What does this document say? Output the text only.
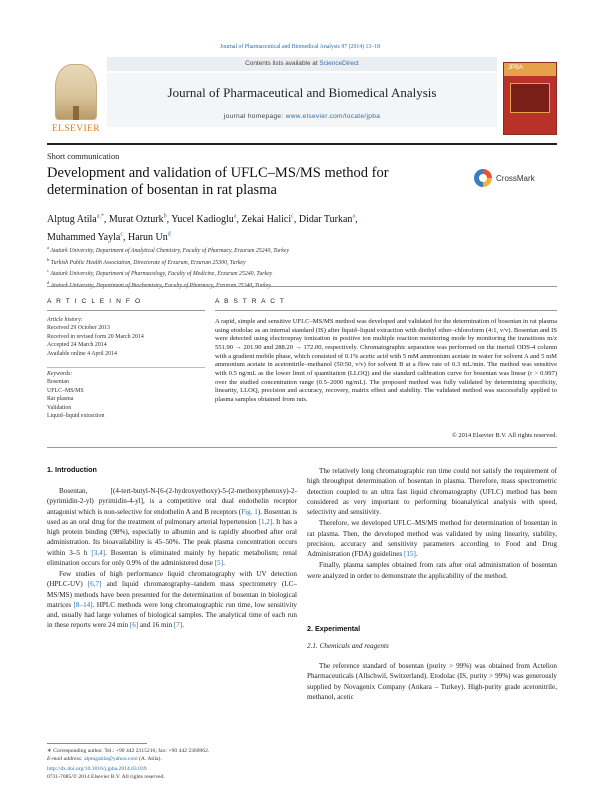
Journal of Pharmaceutical and Biomedical Analysis 97 (2014) 13–18
ELSEVIER
Contents lists available at ScienceDirect
Journal of Pharmaceutical and Biomedical Analysis
journal homepage: www.elsevier.com/locate/jpba
JPBA
Short communication
Development and validation of UFLC–MS/MS method for determination of bosentan in rat plasma
CrossMark
Alptug Atila$^{a,*}$, Murat Ozturk$^b$, Yucel Kadioglu$^a$, Zekai Halici$^c$, Didar Turkan$^a$,
Muhammed Yayla$^c$, Harun Un$^d$
$^a$ Ataturk University, Department of Analytical Chemistry, Faculty of Pharmacy, Erzurum 25240, Turkey
$^b$ Turkish Public Health Association, Directorate of Erzurum, Erzurum 25300, Turkey
$^c$ Ataturk University, Department of Pharmacology, Faculty of Medicine, Erzurum 25240, Turkey
$^d$
A R T I C L E I N F O	A B S T R A C T
Article history:
Received 29 October 2013
Received in revised form 20 March 2014
Accepted 24 March 2014
Available online 4 April 2014
Keywords:
Bosentan
UFLC–MS/MS
Rat plasma
Validation
Liquid–liquid extraction
A rapid, simple and sensitive UFLC–MS/MS method was developed and validated for the determination of bosentan in rat plasma using etodolac as an internal standard (IS) after liquid–liquid extraction with diethyl ether–chloroform (4:1, v/v). Bosentan and IS were detected using electrospray ionization in positive ion multiple reaction monitoring mode by monitoring the transitions m/z 551.90 → 201.90 and 288.20 → 172.00, respectively. Chromatographic separation was performed on the inertsil ODS-4 column with a gradient mobile phase, which consisted of 0.1% acetic acid with 5 mM ammonium acetate in water for solvent A and 5 mM ammonium acetate in acetonitrile–methanol (50:50, v/v) for solvent B at a flow rate of 0.3 mL/min. The method was sensitive with 0.5 ng/mL as the lower limit of quantitation (LLOQ) and the standard calibration curve for bosentan was linear (r > 0.997) over the studied concentration range (0.5–2000 ng/mL). The proposed method was fully validated by determining specificity, linearity, LLOQ, precision and accuracy, recovery, matrix effect and stability. The validated method was successfully applied to plasma samples obtained from rats.
© 2014 Elsevier B.V. All rights reserved.
1. Introduction

Bosentan, [(4-tert-butyl-N-[6-(2-hydroxyethoxy)-5-(2-methoxyphenoxy)-2-(pyrimidin-2-yl) pyrimidin-4-yl], is a competitive oral dual endothelin receptor antagonist which is non-selective for endothelin A and B receptors (Fig. 1). Bosentan is used as an oral drug for the treatment of pulmonary arterial hypertension [1,2]. It has a high protein binding (98%), especially to albumin and is rapidly absorbed after oral administration. Its bioavailability is 45–50%. The peak plasma concentration occurs within 3–5 h [3,4]. Bosentan is eliminated mainly by hepatic metabolism; renal elimination occurs for only 0.9% of the administered dose [5].

Few studies of high performance liquid chromatography with UV detection (HPLC-UV) [6,7] and liquid chromatography–tandem mass spectrometry (LC–MS/MS) methods have been presented for the determination of bosentan in biological matrices [8–14]. HPLC methods were long chromatographic run time, low sensitivity and, usually had large volumes of biological samples. The analytical time of each run in these reports were 24 min [6] and 16 min [7].

The relatively long chromatographic run time could not satisfy the requirement of high throughput determination of bosentan in plasma. Therefore, mass spectrometric detection coupled to an ultra fast liquid chromatography (UFLC) method has been considered as very important to performing bioanalytical analysis with speed, selectivity and sensitivity.

Therefore, we developed UFLC–MS/MS method for determination of bosentan in rat plasma. Then, the developed method was validated by using linearity, stability, precision, accuracy and sensitivity parameters according to Food and Drug Administration (FDA) guidelines [15].

Finally, plasma samples obtained from rats after oral administration of bosentan were analyzed in order to demonstrate the applicability of the method.

2. Experimental
2.1. Chemicals and reagents

The reference standard of bosentan (purity > 99%) was obtained from Actelion Pharmaceuticals (Allschwil, Switzerland). Etodolac (IS, purity > 99%) was generously supplied by Novagenix Company (Ankara – Turkey). High-purity grade acetonitrile, methanol, acetic

∗ Corresponding author. Tel.: +90 442 2315216; fax: +90 442 2360962.
E-mail address: alptugatila@yahoo.com (A. Atila).
http://dx.doi.org/10.1016/j.jpba.2014.03.039
0731-7085/© 2014 Elsevier B.V. All rights reserved.
